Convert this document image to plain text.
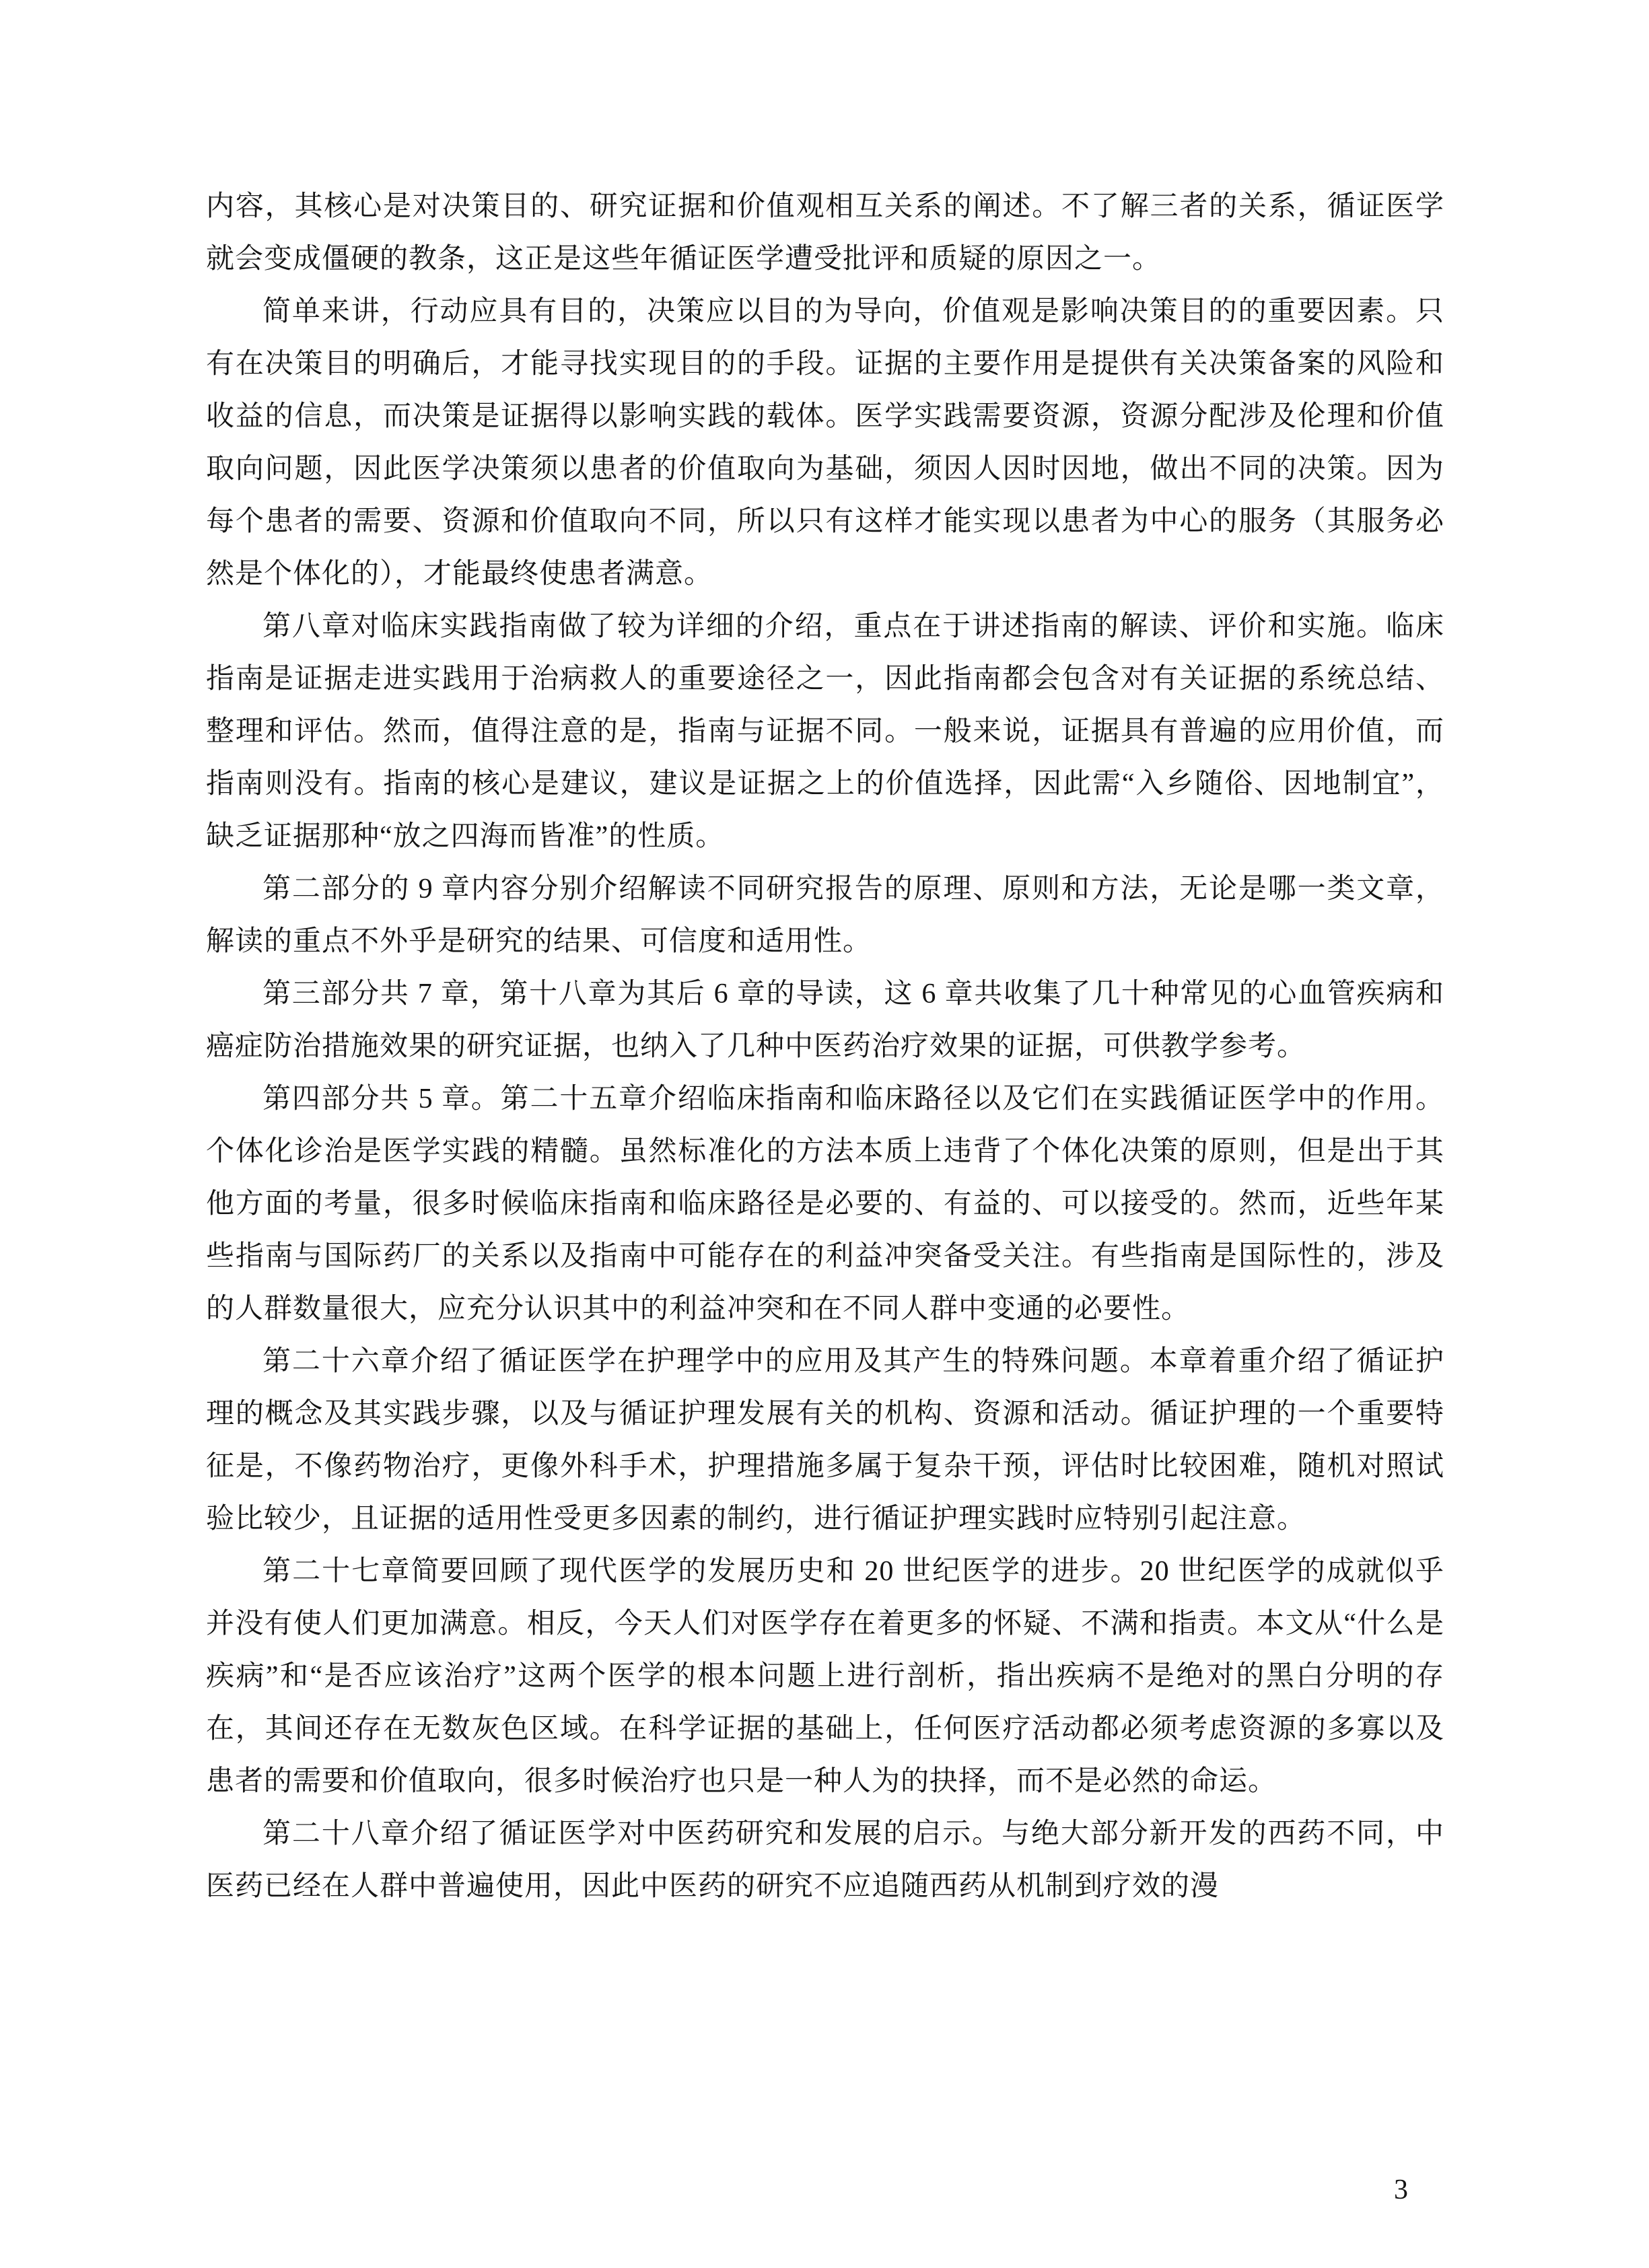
内容，其核心是对决策目的、研究证据和价值观相互关系的阐述。不了解三者的关系，循证医学就会变成僵硬的教条，这正是这些年循证医学遭受批评和质疑的原因之一。

简单来讲，行动应具有目的，决策应以目的为导向，价值观是影响决策目的的重要因素。只有在决策目的明确后，才能寻找实现目的的手段。证据的主要作用是提供有关决策备案的风险和收益的信息，而决策是证据得以影响实践的载体。医学实践需要资源，资源分配涉及伦理和价值取向问题，因此医学决策须以患者的价值取向为基础，须因人因时因地，做出不同的决策。因为每个患者的需要、资源和价值取向不同，所以只有这样才能实现以患者为中心的服务（其服务必然是个体化的），才能最终使患者满意。

第八章对临床实践指南做了较为详细的介绍，重点在于讲述指南的解读、评价和实施。临床指南是证据走进实践用于治病救人的重要途径之一，因此指南都会包含对有关证据的系统总结、整理和评估。然而，值得注意的是，指南与证据不同。一般来说，证据具有普遍的应用价值，而指南则没有。指南的核心是建议，建议是证据之上的价值选择，因此需“入乡随俗、因地制宜”，缺乏证据那种“放之四海而皆准”的性质。

第二部分的 9 章内容分别介绍解读不同研究报告的原理、原则和方法，无论是哪一类文章，解读的重点不外乎是研究的结果、可信度和适用性。

第三部分共 7 章，第十八章为其后 6 章的导读，这 6 章共收集了几十种常见的心血管疾病和癌症防治措施效果的研究证据，也纳入了几种中医药治疗效果的证据，可供教学参考。

第四部分共 5 章。第二十五章介绍临床指南和临床路径以及它们在实践循证医学中的作用。个体化诊治是医学实践的精髓。虽然标准化的方法本质上违背了个体化决策的原则，但是出于其他方面的考量，很多时候临床指南和临床路径是必要的、有益的、可以接受的。然而，近些年某些指南与国际药厂的关系以及指南中可能存在的利益冲突备受关注。有些指南是国际性的，涉及的人群数量很大，应充分认识其中的利益冲突和在不同人群中变通的必要性。

第二十六章介绍了循证医学在护理学中的应用及其产生的特殊问题。本章着重介绍了循证护理的概念及其实践步骤，以及与循证护理发展有关的机构、资源和活动。循证护理的一个重要特征是，不像药物治疗，更像外科手术，护理措施多属于复杂干预，评估时比较困难，随机对照试验比较少，且证据的适用性受更多因素的制约，进行循证护理实践时应特别引起注意。

第二十七章简要回顾了现代医学的发展历史和 20 世纪医学的进步。20 世纪医学的成就似乎并没有使人们更加满意。相反，今天人们对医学存在着更多的怀疑、不满和指责。本文从“什么是疾病”和“是否应该治疗”这两个医学的根本问题上进行剖析，指出疾病不是绝对的黑白分明的存在，其间还存在无数灰色区域。在科学证据的基础上，任何医疗活动都必须考虑资源的多寡以及患者的需要和价值取向，很多时候治疗也只是一种人为的抉择，而不是必然的命运。

第二十八章介绍了循证医学对中医药研究和发展的启示。与绝大部分新开发的西药不同，中医药已经在人群中普遍使用，因此中医药的研究不应追随西药从机制到疗效的漫

3
